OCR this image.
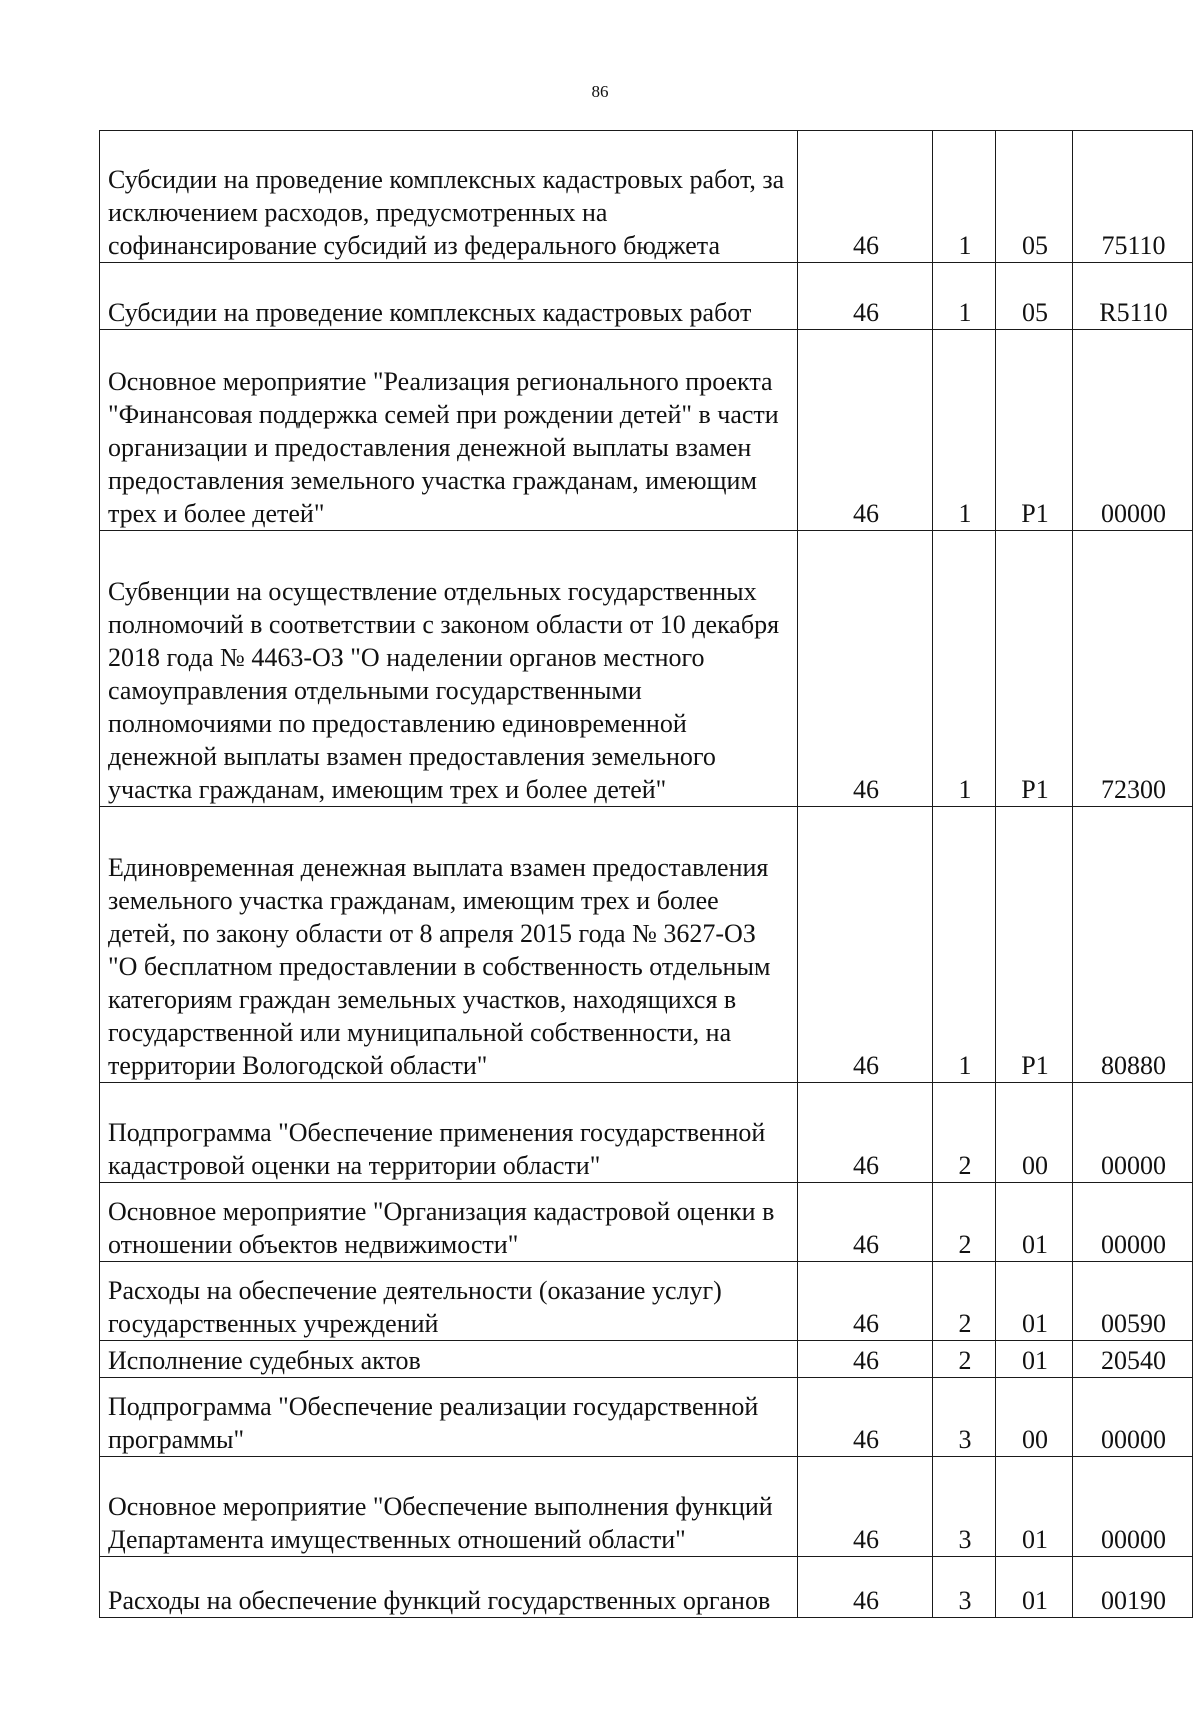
86
Субсидии на проведение комплексных кадастровых работ, за исключением расходов, предусмотренных на софинансирование субсидий из федерального бюджета	46	1	05	75110
Субсидии на проведение комплексных кадастровых работ	46	1	05	R5110
Основное мероприятие "Реализация регионального проекта "Финансовая поддержка семей при рождении детей" в части организации и предоставления денежной выплаты взамен предоставления земельного участка гражданам, имеющим трех и более детей"	46	1	P1	00000
Субвенции на осуществление отдельных государственных полномочий в соответствии с законом области от 10 декабря 2018 года № 4463-ОЗ "О наделении органов местного самоуправления отдельными государственными полномочиями по предоставлению единовременной денежной выплаты взамен предоставления земельного участка гражданам, имеющим трех и более детей"	46	1	P1	72300
Единовременная денежная выплата взамен предоставления земельного участка гражданам, имеющим трех и более детей, по закону области от 8 апреля 2015 года № 3627-ОЗ "О бесплатном предоставлении в собственность отдельным категориям граждан земельных участков, находящихся в государственной или муниципальной собственности, на территории Вологодской области"	46	1	P1	80880
Подпрограмма "Обеспечение применения государственной кадастровой оценки на территории области"	46	2	00	00000
Основное мероприятие "Организация кадастровой оценки в отношении объектов недвижимости"	46	2	01	00000
Расходы на обеспечение деятельности (оказание услуг) государственных учреждений	46	2	01	00590
Исполнение судебных актов	46	2	01	20540
Подпрограмма "Обеспечение реализации государственной программы"	46	3	00	00000
Основное мероприятие "Обеспечение выполнения функций Департамента имущественных отношений области"	46	3	01	00000
Расходы на обеспечение функций государственных органов	46	3	01	00190
